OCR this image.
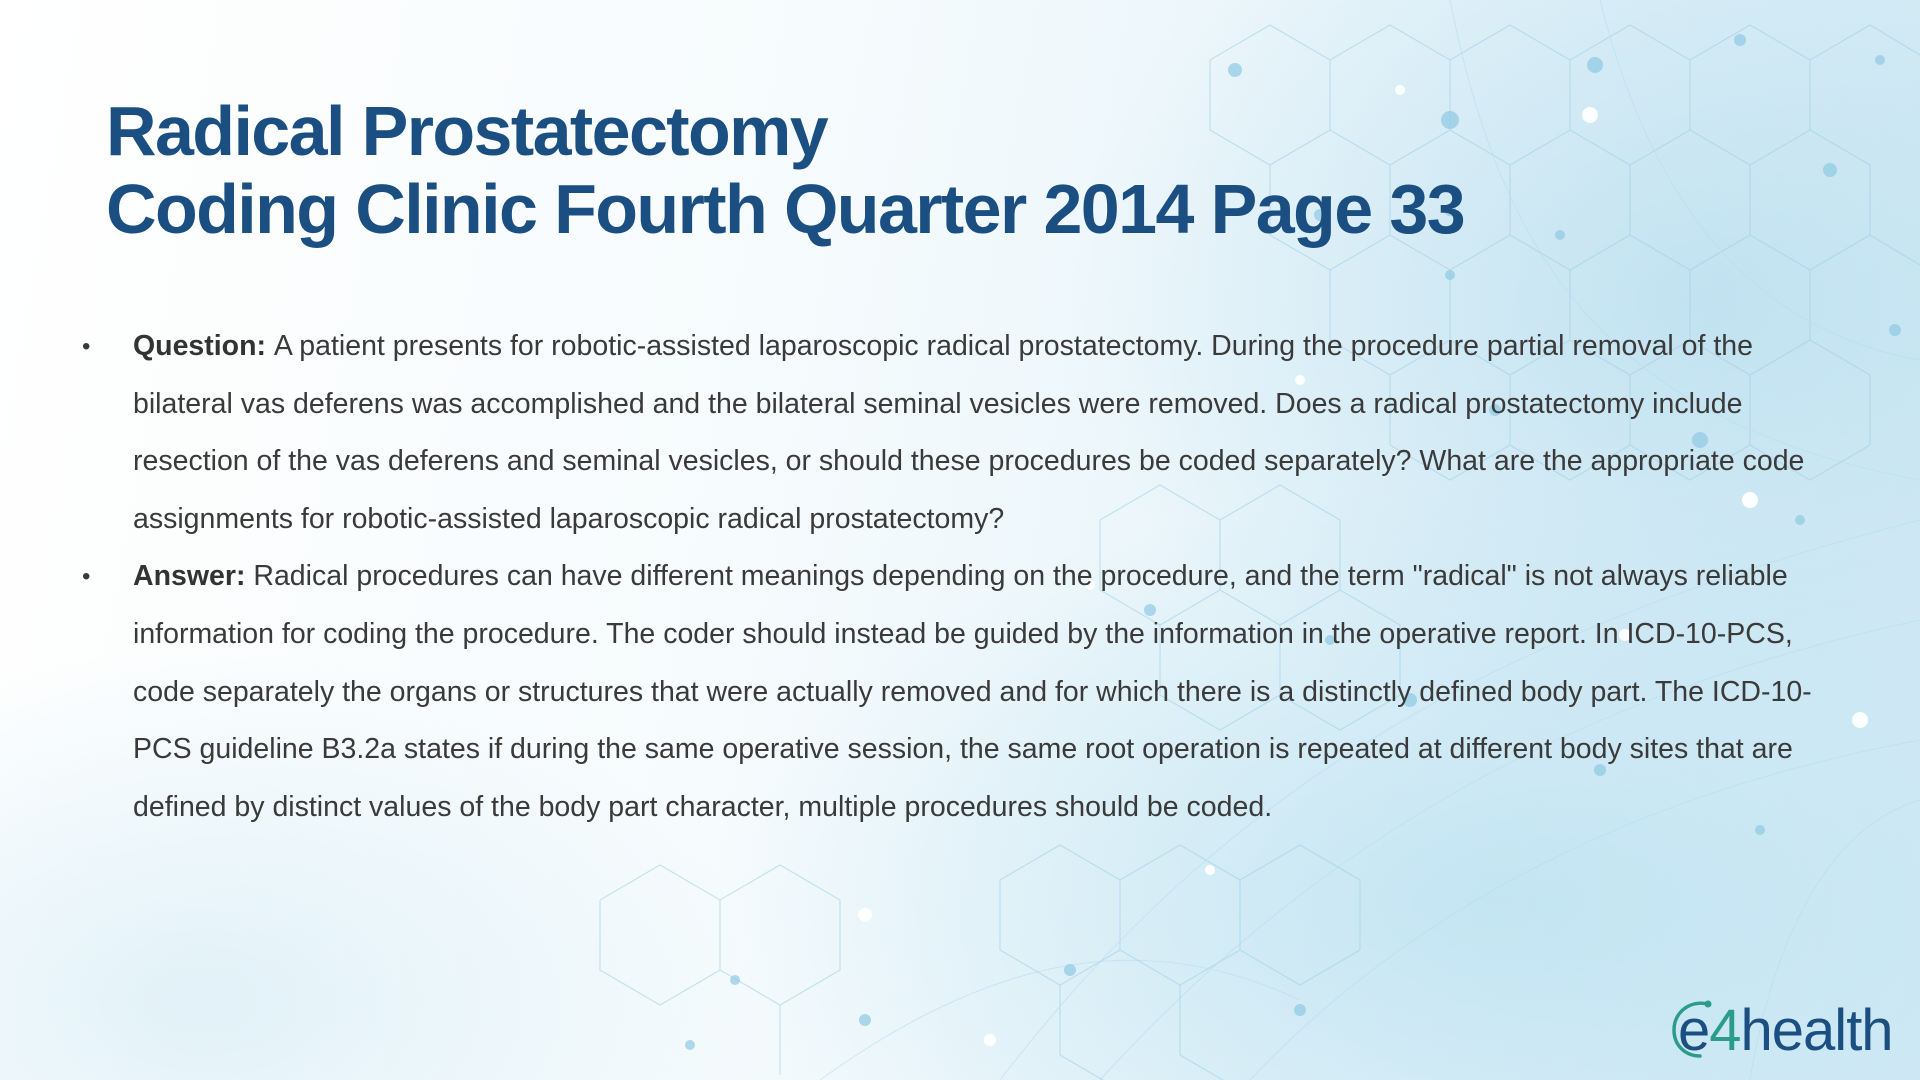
Radical Prostatectomy
Coding Clinic Fourth Quarter 2014 Page 33
•	Question: A patient presents for robotic-assisted laparoscopic radical prostatectomy. During the procedure partial removal of the bilateral vas deferens was accomplished and the bilateral seminal vesicles were removed. Does a radical prostatectomy include resection of the vas deferens and seminal vesicles, or should these procedures be coded separately? What are the appropriate code assignments for robotic-assisted laparoscopic radical prostatectomy?
•	Answer: Radical procedures can have different meanings depending on the procedure, and the term "radical" is not always reliable information for coding the procedure. The coder should instead be guided by the information in the operative report. In ICD-10-PCS, code separately the organs or structures that were actually removed and for which there is a distinctly defined body part. The ICD-10-PCS guideline B3.2a states if during the same operative session, the same root operation is repeated at different body sites that are defined by distinct values of the body part character, multiple procedures should be coded.
e4health
